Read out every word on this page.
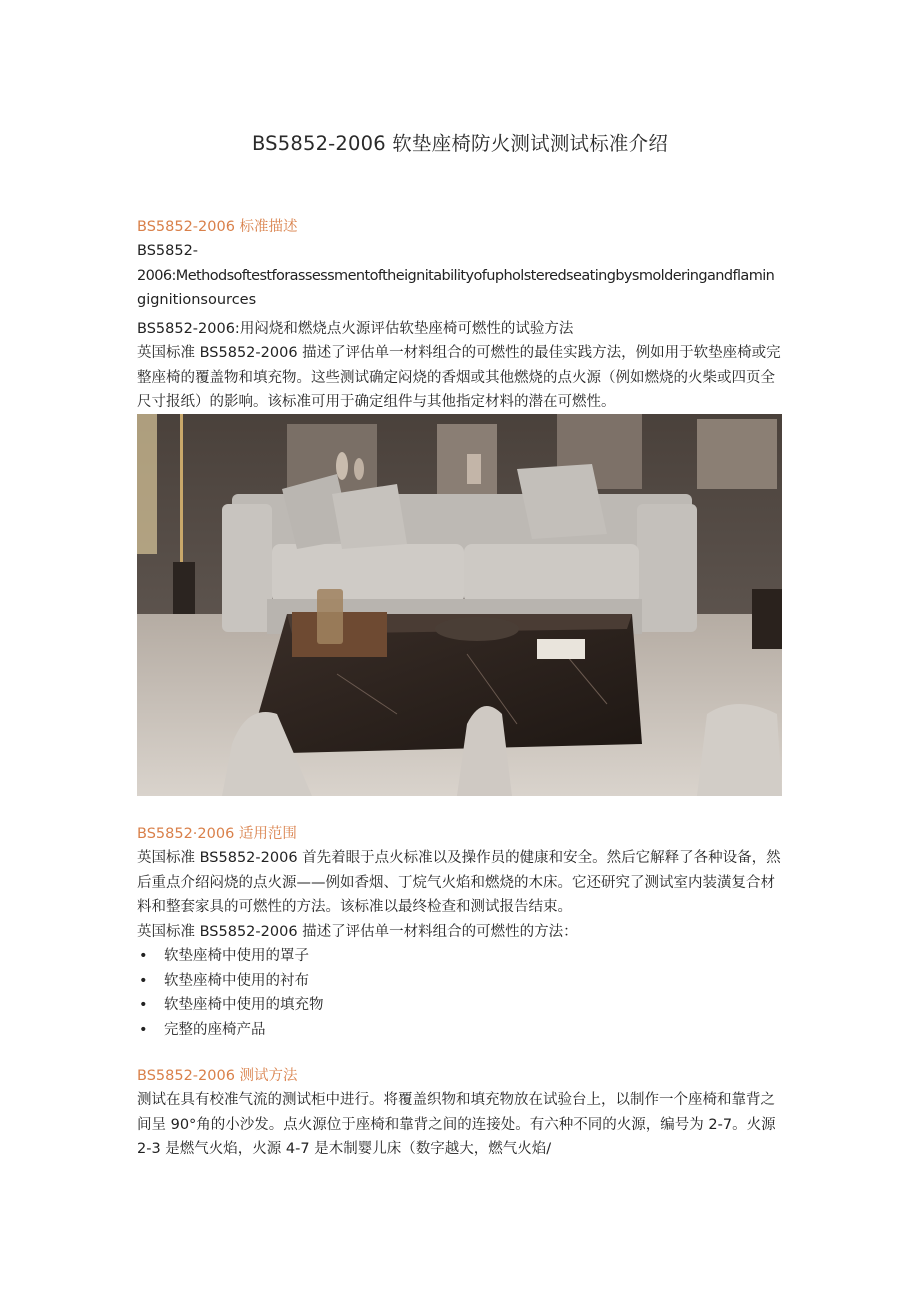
BS5852-2006 软垫座椅防火测试测试标准介绍
BS5852-2006 标准描述

BS5852-

2006:Methodsoftestforassessmentoftheignitabilityofupholsteredseatingbysmolderingandflamin

gignitionsources

BS5852-2006:用闷烧和燃烧点火源评估软垫座椅可燃性的试验方法

英国标准 BS5852-2006 描述了评估单一材料组合的可燃性的最佳实践方法，例如用于软垫座椅或完整座椅的覆盖物和填充物。这些测试确定闷烧的香烟或其他燃烧的点火源（例如燃烧的火柴或四页全尺寸报纸）的影响。该标准可用于确定组件与其他指定材料的潜在可燃性。

BS5852·2006 适用范围

英国标准 BS5852-2006 首先着眼于点火标准以及操作员的健康和安全。然后它解释了各种设备，然后重点介绍闷烧的点火源——例如香烟、丁烷气火焰和燃烧的木床。它还研究了测试室内装潢复合材料和整套家具的可燃性的方法。该标准以最终检查和测试报告结束。

英国标准 BS5852-2006 描述了评估单一材料组合的可燃性的方法：

• 软垫座椅中使用的罩子
• 软垫座椅中使用的衬布
• 软垫座椅中使用的填充物
• 完整的座椅产品
BS5852-2006 测试方法

测试在具有校准气流的测试柜中进行。将覆盖织物和填充物放在试验台上，以制作一个座椅和靠背之间呈 90°角的小沙发。点火源位于座椅和靠背之间的连接处。有六种不同的火源，编号为 2-7。火源 2-3 是燃气火焰，火源 4-7 是木制婴儿床（数字越大，燃气火焰/
